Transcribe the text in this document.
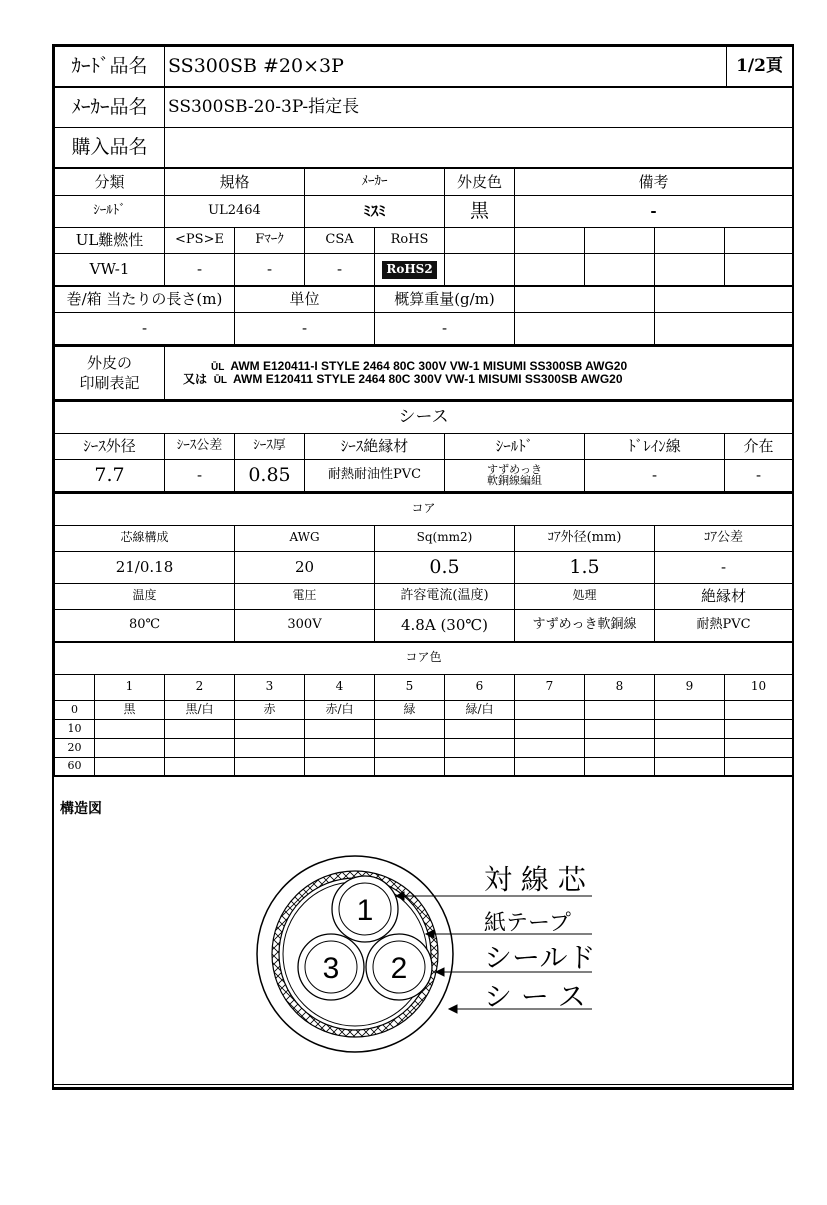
ｶｰﾄﾞ品名	SS300SB #20×3P	1/2頁
ﾒｰｶｰ品名	SS300SB-20-3P-指定長
購入品名	
分類	規格		ﾒｰｶｰ		外皮色	備考			
ｼｰﾙﾄﾞ	UL2464		ﾐｽﾐ		黒	-			
UL難燃性	<PS>E	Fﾏｰｸ	CSA	RoHS					
VW-1	-	-	-	RoHS2					
巻/箱 当たりの長さ(m)	単位	概算重量(g/m)		
-	-	-		
外皮の
印刷表記

ŪL AWM E120411-I STYLE 2464 80C 300V VW-1 MISUMI SS300SB AWG20
又は ŪL AWM E120411 STYLE 2464 80C 300V VW-1 MISUMI SS300SB AWG20
シース						
ｼｰｽ外径	ｼｰｽ公差	ｼｰｽ厚	ｼｰｽ絶縁材	ｼｰﾙﾄﾞ	ﾄﾞﾚｲﾝ線	介在
7.7	-	0.85	耐熱耐油性PVC	すずめっき
軟銅線編組	-	-
コア				
芯線構成	AWG	Sq(mm2)	ｺｱ外径(mm)	ｺｱ公差
21/0.18	20	0.5	1.5	-
温度	電圧	許容電流(温度)	処理	絶縁材
80℃	300V	4.8A (30℃)	すずめっき軟銅線	耐熱PVC
コア色										
	1	2	3	4	5	6	7	8	9	10
0	黒	黒/白	赤	赤/白	緑	緑/白				
10										
20										
60										
構造図
1
2
3
対 線 芯
紙テープ
シールド
シ ー ス
